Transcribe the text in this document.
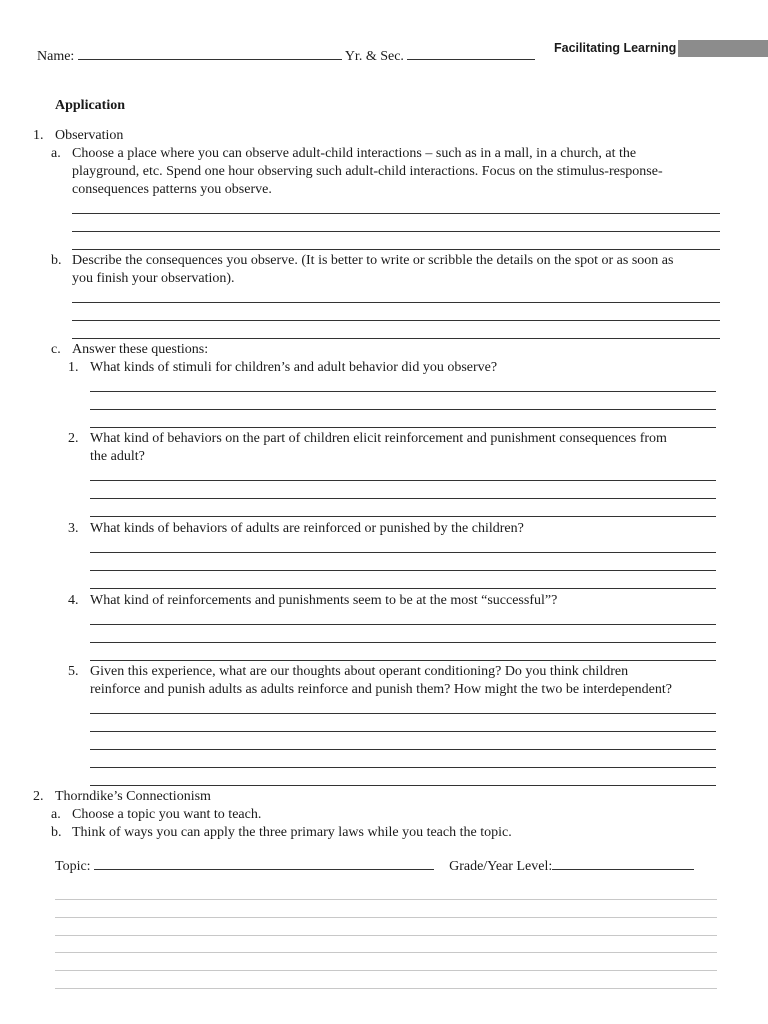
Name:	Yr. & Sec.
Facilitating Learning
Application
1. Observation
a. Choose a place where you can observe adult-child interactions – such as in a mall, in a church, at the
playground, etc. Spend one hour observing such adult-child interactions. Focus on the stimulus-response-
consequences patterns you observe.
b. Describe the consequences you observe. (It is better to write or scribble the details on the spot or as soon as
you finish your observation).
c. Answer these questions:
1. What kinds of stimuli for children’s and adult behavior did you observe?
2. What kind of behaviors on the part of children elicit reinforcement and punishment consequences from
the adult?
3. What kinds of behaviors of adults are reinforced or punished by the children?
4. What kind of reinforcements and punishments seem to be at the most “successful”?
5. Given this experience, what are our thoughts about operant conditioning? Do you think children
reinforce and punish adults as adults reinforce and punish them? How might the two be interdependent?
2. Thorndike’s Connectionism
a. Choose a topic you want to teach.
b. Think of ways you can apply the three primary laws while you teach the topic.
Topic:	Grade/Year Level:
